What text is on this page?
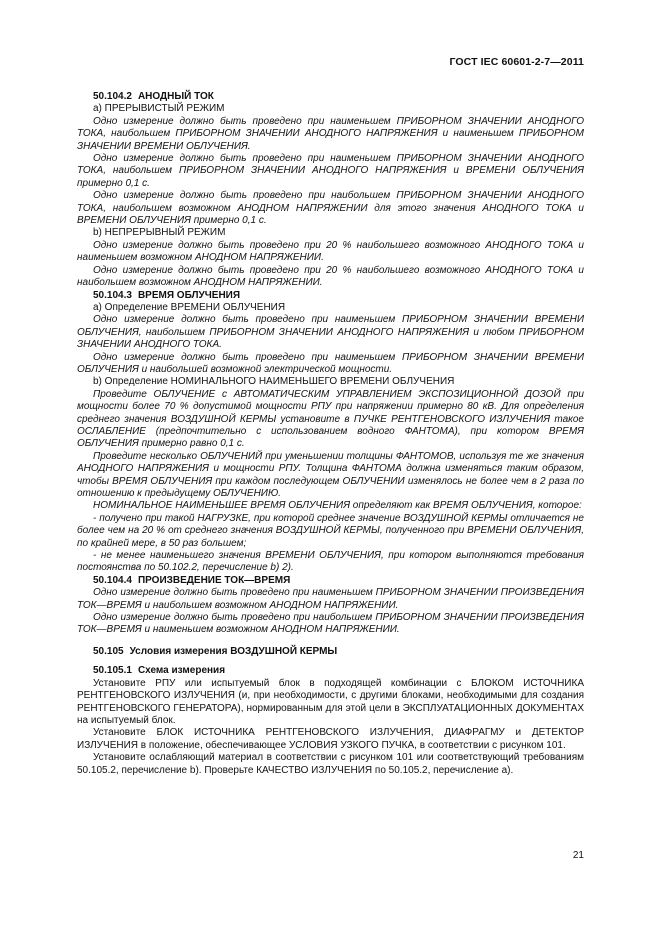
ГОСТ IEC 60601-2-7—2011

50.104.2 АНОДНЫЙ ТОК

а) ПРЕРЫВИСТЫЙ РЕЖИМ

Одно измерение должно быть проведено при наименьшем ПРИБОРНОМ ЗНАЧЕНИИ АНОДНОГО ТОКА, наибольшем ПРИБОРНОМ ЗНАЧЕНИИ АНОДНОГО НАПРЯЖЕНИЯ и наименьшем ПРИБОРНОМ ЗНАЧЕНИИ ВРЕМЕНИ ОБЛУЧЕНИЯ.

Одно измерение должно быть проведено при наименьшем ПРИБОРНОМ ЗНАЧЕНИИ АНОДНОГО ТОКА, наибольшем ПРИБОРНОМ ЗНАЧЕНИИ АНОДНОГО НАПРЯЖЕНИЯ и ВРЕМЕНИ ОБЛУЧЕНИЯ примерно 0,1 с.

Одно измерение должно быть проведено при наибольшем ПРИБОРНОМ ЗНАЧЕНИИ АНОДНОГО ТОКА, наибольшем возможном АНОДНОМ НАПРЯЖЕНИИ для этого значения АНОДНОГО ТОКА и ВРЕМЕНИ ОБЛУЧЕНИЯ примерно 0,1 с.

b) НЕПРЕРЫВНЫЙ РЕЖИМ

Одно измерение должно быть проведено при 20 % наибольшего возможного АНОДНОГО ТОКА и наименьшем возможном АНОДНОМ НАПРЯЖЕНИИ.

Одно измерение должно быть проведено при 20 % наибольшего возможного АНОДНОГО ТОКА и наибольшем возможном АНОДНОМ НАПРЯЖЕНИИ.

50.104.3 ВРЕМЯ ОБЛУЧЕНИЯ

а) Определение ВРЕМЕНИ ОБЛУЧЕНИЯ

Одно измерение должно быть проведено при наименьшем ПРИБОРНОМ ЗНАЧЕНИИ ВРЕМЕНИ ОБЛУЧЕНИЯ, наибольшем ПРИБОРНОМ ЗНАЧЕНИИ АНОДНОГО НАПРЯЖЕНИЯ и любом ПРИБОРНОМ ЗНАЧЕНИИ АНОДНОГО ТОКА.

Одно измерение должно быть проведено при наименьшем ПРИБОРНОМ ЗНАЧЕНИИ ВРЕМЕНИ ОБЛУЧЕНИЯ и наибольшей возможной электрической мощности.

b) Определение НОМИНАЛЬНОГО НАИМЕНЬШЕГО ВРЕМЕНИ ОБЛУЧЕНИЯ

Проведите ОБЛУЧЕНИЕ с АВТОМАТИЧЕСКИМ УПРАВЛЕНИЕМ ЭКСПОЗИЦИОННОЙ ДОЗОЙ при мощности более 70 % допустимой мощности РПУ при напряжении примерно 80 кВ. Для определения среднего значения ВОЗДУШНОЙ КЕРМЫ установите в ПУЧКЕ РЕНТГЕНОВСКОГО ИЗЛУЧЕНИЯ такое ОСЛАБЛЕНИЕ (предпочтительно с использованием водного ФАНТОМА), при котором ВРЕМЯ ОБЛУЧЕНИЯ примерно равно 0,1 с.

Проведите несколько ОБЛУЧЕНИЙ при уменьшении толщины ФАНТОМОВ, используя те же значения АНОДНОГО НАПРЯЖЕНИЯ и мощности РПУ. Толщина ФАНТОМА должна изменяться таким образом, чтобы ВРЕМЯ ОБЛУЧЕНИЯ при каждом последующем ОБЛУЧЕНИИ изменялось не более чем в 2 раза по отношению к предыдущему ОБЛУЧЕНИЮ.

НОМИНАЛЬНОЕ НАИМЕНЬШЕЕ ВРЕМЯ ОБЛУЧЕНИЯ определяют как ВРЕМЯ ОБЛУЧЕНИЯ, которое:

- получено при такой НАГРУЗКЕ, при которой среднее значение ВОЗДУШНОЙ КЕРМЫ отличается не более чем на 20 % от среднего значения ВОЗДУШНОЙ КЕРМЫ, полученного при ВРЕМЕНИ ОБЛУЧЕНИЯ, по крайней мере, в 50 раз большем;

- не менее наименьшего значения ВРЕМЕНИ ОБЛУЧЕНИЯ, при котором выполняются требования постоянства по 50.102.2, перечисление b) 2).

50.104.4 ПРОИЗВЕДЕНИЕ ТОК—ВРЕМЯ

Одно измерение должно быть проведено при наименьшем ПРИБОРНОМ ЗНАЧЕНИИ ПРОИЗВЕДЕНИЯ ТОК—ВРЕМЯ и наибольшем возможном АНОДНОМ НАПРЯЖЕНИИ.

Одно измерение должно быть проведено при наибольшем ПРИБОРНОМ ЗНАЧЕНИИ ПРОИЗВЕДЕНИЯ ТОК—ВРЕМЯ и наименьшем возможном АНОДНОМ НАПРЯЖЕНИИ.

50.105 Условия измерения ВОЗДУШНОЙ КЕРМЫ

50.105.1 Схема измерения

Установите РПУ или испытуемый блок в подходящей комбинации с БЛОКОМ ИСТОЧНИКА РЕНТГЕНОВСКОГО ИЗЛУЧЕНИЯ (и, при необходимости, с другими блоками, необходимыми для создания РЕНТГЕНОВСКОГО ГЕНЕРАТОРА), нормированным для этой цели в ЭКСПЛУАТАЦИОННЫХ ДОКУМЕНТАХ на испытуемый блок.

Установите БЛОК ИСТОЧНИКА РЕНТГЕНОВСКОГО ИЗЛУЧЕНИЯ, ДИАФРАГМУ и ДЕТЕКТОР ИЗЛУЧЕНИЯ в положение, обеспечивающее УСЛОВИЯ УЗКОГО ПУЧКА, в соответствии с рисунком 101.

Установите ослабляющий материал в соответствии с рисунком 101 или соответствующий требованиям 50.105.2, перечисление b). Проверьте КАЧЕСТВО ИЗЛУЧЕНИЯ по 50.105.2, перечисление а).

21
